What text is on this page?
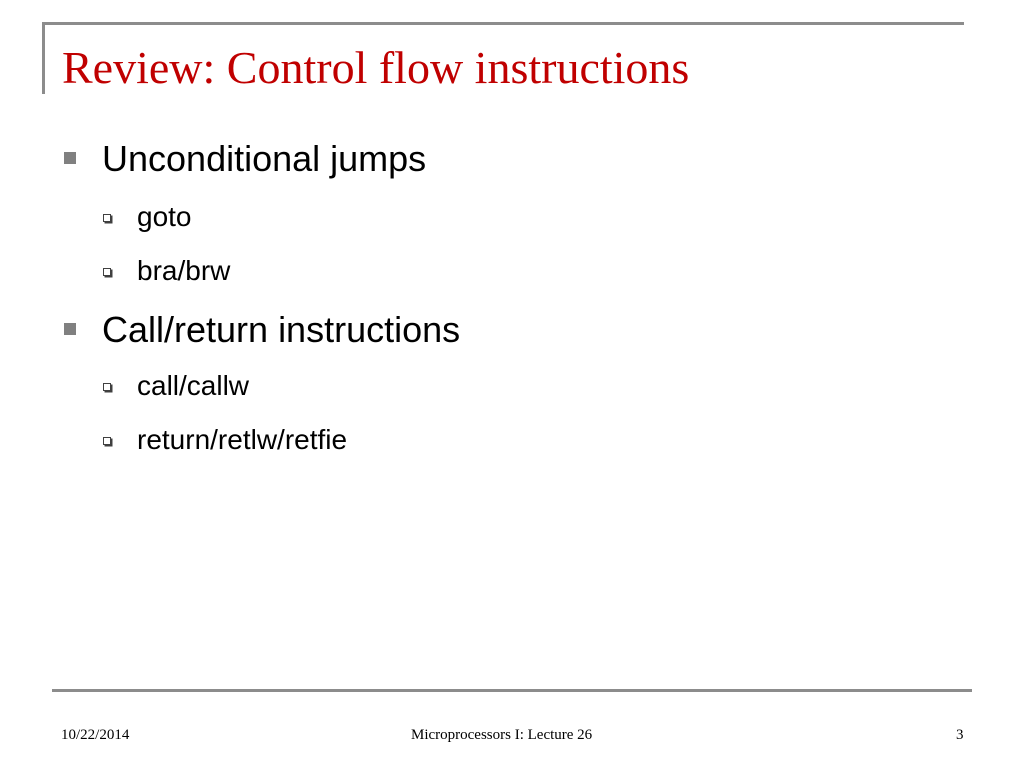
Review: Control flow instructions
Unconditional jumps
goto
bra/brw
Call/return instructions
call/callw
return/retlw/retfie
10/22/2014	Microprocessors I: Lecture 26	3
